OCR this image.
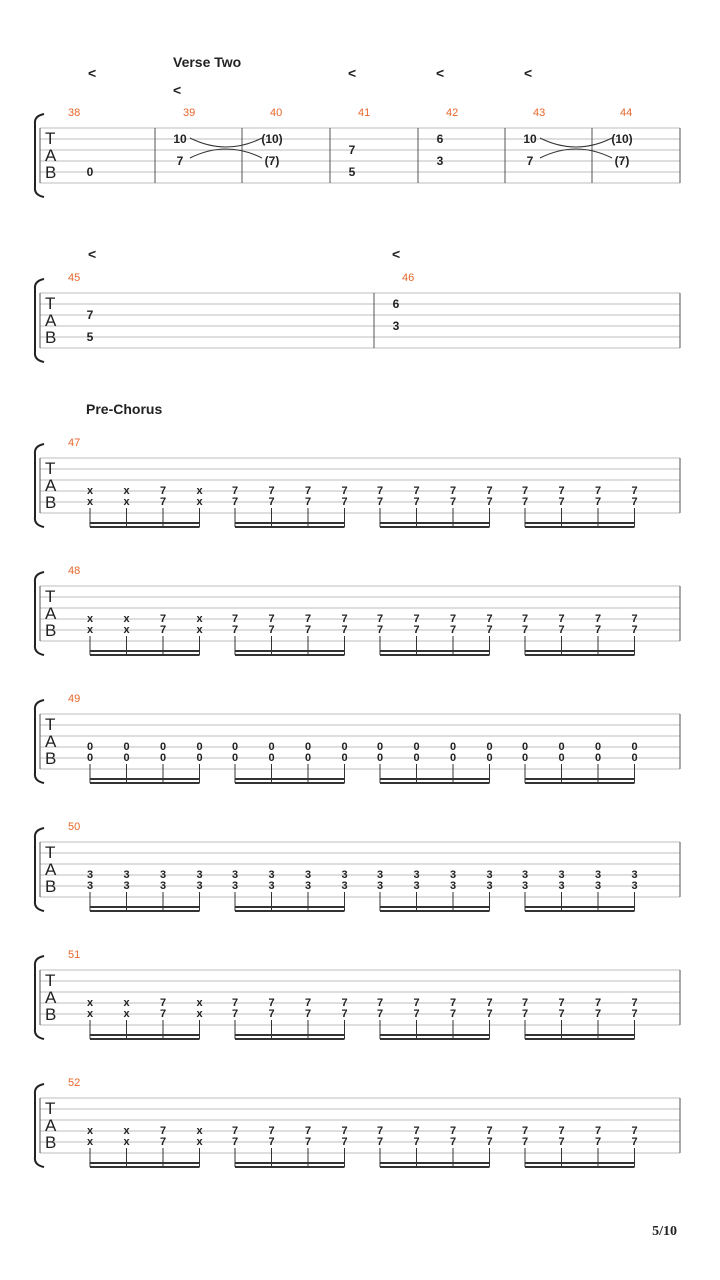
Verse Two
Pre-Chorus
<
<
<	<	<
<	<
T
A
B
38
0
39
10
7
40
(10)
(7)
41
7
5
42
6
3
43
10
7
44
(10)
(7)
T
A
B
45
7
5
46
6
3
T
A
B
47
x
x
x
x
7
7
x
x
7
7
7
7
7
7
7
7
7
7
7
7
7
7
7
7
7
7
7
7
7
7
7
7
T
A
B
48
x
x
x
x
7
7
x
x
7
7
7
7
7
7
7
7
7
7
7
7
7
7
7
7
7
7
7
7
7
7
7
7
T
A
B
49
0
0
0
0
0
0
0
0
0
0
0
0
0
0
0
0
0
0
0
0
0
0
0
0
0
0
0
0
0
0
0
0
T
A
B
50
3
3
3
3
3
3
3
3
3
3
3
3
3
3
3
3
3
3
3
3
3
3
3
3
3
3
3
3
3
3
3
3
T
A
B
51
x
x
x
x
7
7
x
x
7
7
7
7
7
7
7
7
7
7
7
7
7
7
7
7
7
7
7
7
7
7
7
7
T
A
B
52
x
x
x
x
7
7
x
x
7
7
7
7
7
7
7
7
7
7
7
7
7
7
7
7
7
7
7
7
7
7
7
7
5/10
